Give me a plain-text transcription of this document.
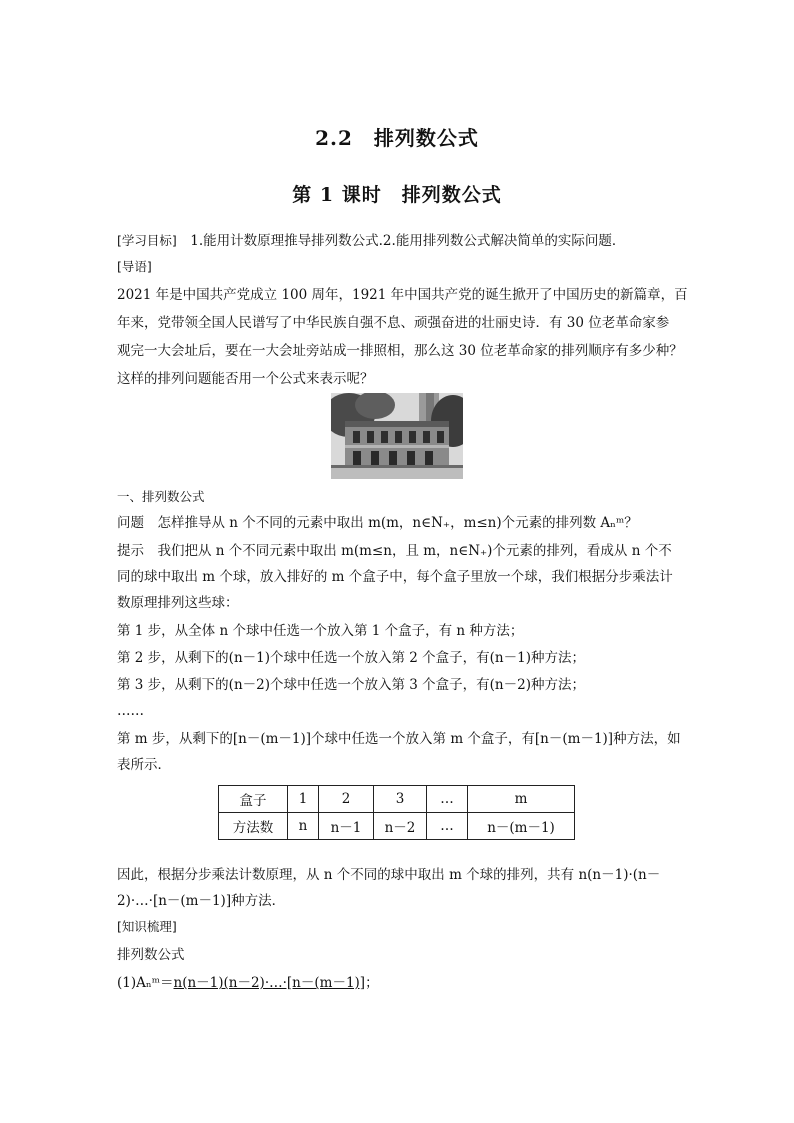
2.2　排列数公式
第 1 课时　排列数公式
[学习目标]　1.能用计数原理推导排列数公式.2.能用排列数公式解决简单的实际问题．
[导语]
2021 年是中国共产党成立 100 周年，1921 年中国共产党的诞生掀开了中国历史的新篇章，百
年来，党带领全国人民谱写了中华民族自强不息、顽强奋进的壮丽史诗．有 30 位老革命家参
观完一大会址后，要在一大会址旁站成一排照相，那么这 30 位老革命家的排列顺序有多少种？
这样的排列问题能否用一个公式来表示呢？
一、排列数公式
问题　怎样推导从 n 个不同的元素中取出 m(m，n∈N₊，m≤n)个元素的排列数 Aₙᵐ？
提示　我们把从 n 个不同元素中取出 m(m≤n，且 m，n∈N₊)个元素的排列，看成从 n 个不
同的球中取出 m 个球，放入排好的 m 个盒子中，每个盒子里放一个球，我们根据分步乘法计
数原理排列这些球：
第 1 步，从全体 n 个球中任选一个放入第 1 个盒子，有 n 种方法；
第 2 步，从剩下的(n－1)个球中任选一个放入第 2 个盒子，有(n－1)种方法；
第 3 步，从剩下的(n－2)个球中任选一个放入第 3 个盒子，有(n－2)种方法；
……
第 m 步，从剩下的[n－(m－1)]个球中任选一个放入第 m 个盒子，有[n－(m－1)]种方法，如
表所示．
盒子	1	2	3	…	m
方法数	n	n－1	n－2	…	n－(m－1)
因此，根据分步乘法计数原理，从 n 个不同的球中取出 m 个球的排列，共有 n(n－1)·(n－
2)·…·[n－(m－1)]种方法．
[知识梳理]
排列数公式
(1)Aₙᵐ＝n(n－1)(n－2)·…·[n－(m－1)]；
